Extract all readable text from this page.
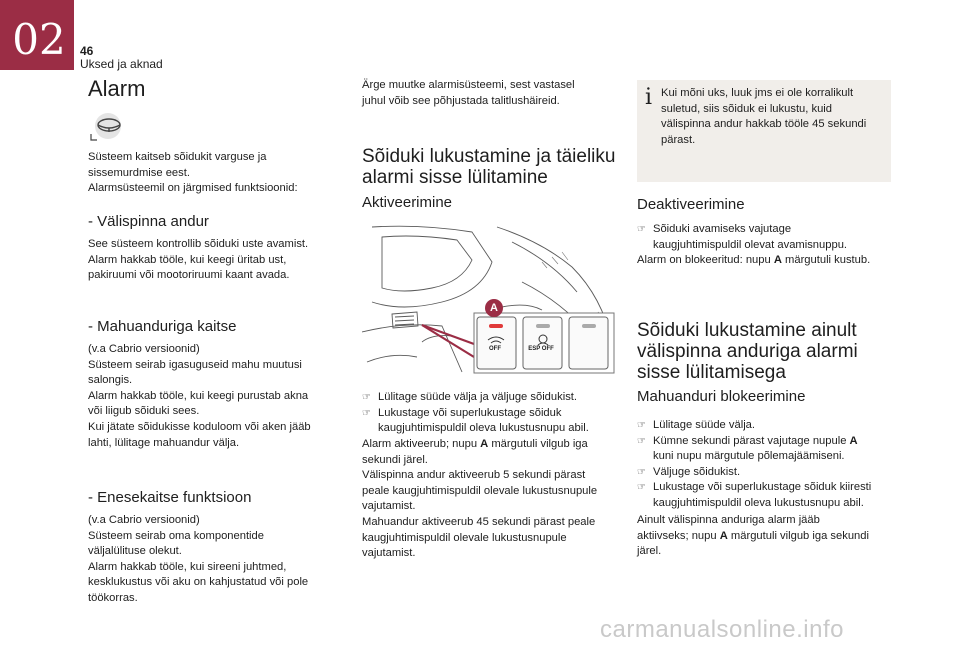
02 46
Uksed ja aknad
Alarm

Süsteem kaitseb sõidukit varguse ja

sissemurdmise eest.

Alarmsüsteemil on järgmised funktsioonid:

- Välispinna andur

See süsteem kontrollib sõiduki uste avamist.

Alarm hakkab tööle, kui keegi üritab ust,

pakiruumi või mootoriruumi kaant avada.

- Mahuanduriga kaitse

(v.a Cabrio versioonid)

Süsteem seirab igasuguseid mahu muutusi

salongis.

Alarm hakkab tööle, kui keegi purustab akna

või liigub sõiduki sees.

Kui jätate sõidukisse koduloom või aken jääb

lahti, lülitage mahuandur välja.

- Enesekaitse funktsioon

(v.a Cabrio versioonid)

Süsteem seirab oma komponentide

väljalülituse olekut.

Alarm hakkab tööle, kui sireeni juhtmed,

kesklukustus või aku on kahjustatud või pole

töökorras.

Ärge muutke alarmisüsteemi, sest vastasel

juhul võib see põhjustada talitlushäireid.

Sõiduki lukustamine ja täieliku
alarmi sisse lülitamine
Aktiveerimine
A
OFF	ESP OFF

☞ Lülitage süüde välja ja väljuge sõidukist.

☞ Lukustage või superlukustage sõiduk

kaugjuhtimispuldil oleva lukustusnupu abil.

Alarm aktiveerub; nupu A märgutuli vilgub iga

sekundi järel.

Välispinna andur aktiveerub 5 sekundi pärast

peale kaugjuhtimispuldil olevale lukustusnupule

vajutamist.

Mahuandur aktiveerub 45 sekundi pärast peale

kaugjuhtimispuldil olevale lukustusnupule

vajutamist.

i Kui mõni uks, luuk jms ei ole korralikult

suletud, siis sõiduk ei lukustu, kuid

välispinna andur hakkab tööle 45 sekundi

pärast.

Deaktiveerimine

☞ Sõiduki avamiseks vajutage

kaugjuhtimispuldil olevat avamisnuppu.

Alarm on blokeeritud: nupu A märgutuli kustub.

Sõiduki lukustamine ainult
välispinna anduriga alarmi
sisse lülitamisega
Mahuanduri blokeerimine

☞ Lülitage süüde välja.

☞ Kümne sekundi pärast vajutage nupule A

kuni nupu märgutule põlemajäämiseni.

☞ Väljuge sõidukist.

☞ Lukustage või superlukustage sõiduk kiiresti

kaugjuhtimispuldil oleva lukustusnupu abil.

Ainult välispinna anduriga alarm jääb

aktiivseks; nupu A märgutuli vilgub iga sekundi

järel.

carmanualsonline.info
